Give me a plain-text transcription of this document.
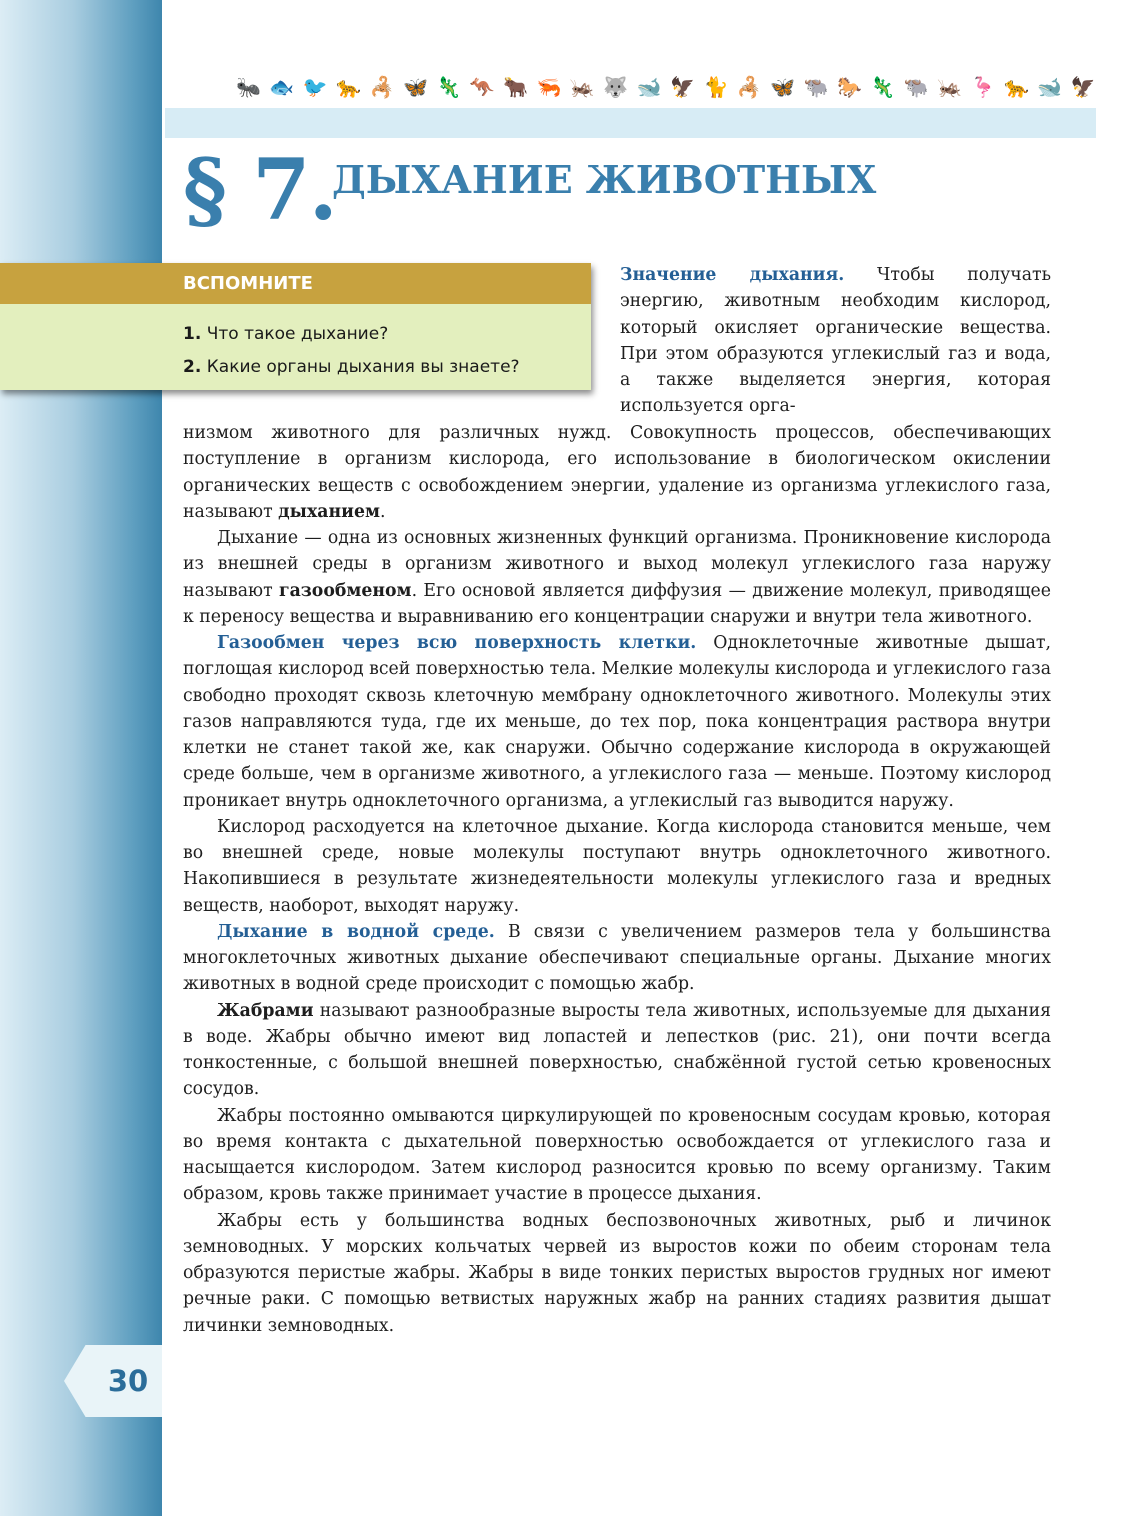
🐜 🐟 🐦 🐆 🦂 🦋 🦎 🦘 🐂 🦐 🦗 🐺 🐋 🦅 🐈 🦂 🦋 🐃 🐎 🦎 🐃 🦗 🦩 🐆 🐋 🦅
§ 7.
ДЫХАНИЕ ЖИВОТНЫХ
ВСПОМНИТЕ
1. Что такое дыхание?
2. Какие органы дыхания вы знаете?

Значение дыхания. Чтобы получать энергию, животным необходим кислород, который окисляет органические вещества. При этом образуются углекислый газ и вода, а также выделяется энергия, которая используется орга-

низмом животного для различных нужд. Совокупность процессов, обеспечивающих поступление в организм кислорода, его использование в биологическом окислении органических веществ с освобождением энергии, удаление из организма углекислого газа, называют дыханием.

Дыхание — одна из основных жизненных функций организма. Проникновение кислорода из внешней среды в организм животного и выход молекул углекислого газа наружу называют газообменом. Его основой является диффузия — движение молекул, приводящее к переносу вещества и выравниванию его концентрации снаружи и внутри тела животного.

Газообмен через всю поверхность клетки. Одноклеточные животные дышат, поглощая кислород всей поверхностью тела. Мелкие молекулы кислорода и углекислого газа свободно проходят сквозь клеточную мембрану одноклеточного животного. Молекулы этих газов направляются туда, где их меньше, до тех пор, пока концентрация раствора внутри клетки не станет такой же, как снаружи. Обычно содержание кислорода в окружающей среде больше, чем в организме животного, а углекислого газа — меньше. Поэтому кислород проникает внутрь одноклеточного организма, а углекислый газ выводится наружу.

Кислород расходуется на клеточное дыхание. Когда кислорода становится меньше, чем во внешней среде, новые молекулы поступают внутрь одноклеточного животного. Накопившиеся в результате жизнедеятельности молекулы углекислого газа и вредных веществ, наоборот, выходят наружу.

Дыхание в водной среде. В связи с увеличением размеров тела у большинства многоклеточных животных дыхание обеспечивают специальные органы. Дыхание многих животных в водной среде происходит с помощью жабр.

Жабрами называют разнообразные выросты тела животных, используемые для дыхания в воде. Жабры обычно имеют вид лопастей и лепестков (рис. 21), они почти всегда тонкостенные, с большой внешней поверхностью, снабжённой густой сетью кровеносных сосудов.

Жабры постоянно омываются циркулирующей по кровеносным сосудам кровью, которая во время контакта с дыхательной поверхностью освобождается от углекислого газа и насыщается кислородом. Затем кислород разносится кровью по всему организму. Таким образом, кровь также принимает участие в процессе дыхания.

Жабры есть у большинства водных беспозвоночных животных, рыб и личинок земноводных. У морских кольчатых червей из выростов кожи по обеим сторонам тела образуются перистые жабры. Жабры в виде тонких перистых выростов грудных ног имеют речные раки. С помощью ветвистых наружных жабр на ранних стадиях развития дышат личинки земноводных.

30
